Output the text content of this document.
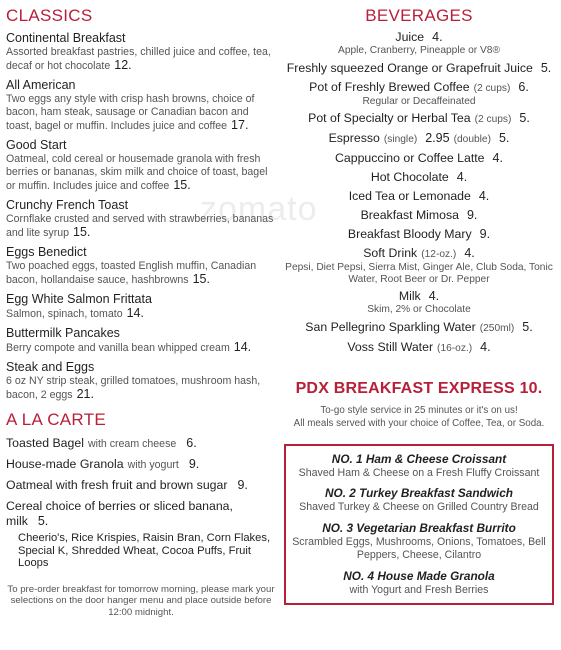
zomato
CLASSICS
Continental Breakfast
Assorted breakfast pastries, chilled juice and coffee, tea, decaf or hot chocolate 12.
All American
Two eggs any style with crisp hash browns, choice of bacon, ham steak, sausage or Canadian bacon and toast, bagel or muffin. Includes juice and coffee 17.
Good Start
Oatmeal, cold cereal or housemade granola with fresh berries or bananas, skim milk and choice of toast, bagel or muffin. Includes juice and coffee 15.
Crunchy French Toast
Cornflake crusted and served with strawberries, bananas and lite syrup 15.
Eggs Benedict
Two poached eggs, toasted English muffin, Canadian bacon, hollandaise sauce, hashbrowns 15.
Egg White Salmon Frittata
Salmon, spinach, tomato 14.
Buttermilk Pancakes
Berry compote and vanilla bean whipped cream 14.
Steak and Eggs
6 oz NY strip steak, grilled tomatoes, mushroom hash, bacon, 2 eggs 21.
A LA CARTE
Toasted Bagel with cream cheese 6.
House-made Granola with yogurt 9.
Oatmeal with fresh fruit and brown sugar 9.
Cereal choice of berries or sliced banana, milk 5.
Cheerio's, Rice Krispies, Raisin Bran, Corn Flakes, Special K, Shredded Wheat, Cocoa Puffs, Fruit Loops
To pre-order breakfast for tomorrow morning, please mark your selections on the door hanger menu and place outside before 12:00 midnight.
BEVERAGES
Juice 4.
Apple, Cranberry, Pineapple or V8®
Freshly squeezed Orange or Grapefruit Juice 5.
Pot of Freshly Brewed Coffee (2 cups) 6.
Regular or Decaffeinated
Pot of Specialty or Herbal Tea (2 cups) 5.
Espresso (single) 2.95 (double) 5.
Cappuccino or Coffee Latte 4.
Hot Chocolate 4.
Iced Tea or Lemonade 4.
Breakfast Mimosa 9.
Breakfast Bloody Mary 9.
Soft Drink (12-oz.) 4.
Pepsi, Diet Pepsi, Sierra Mist, Ginger Ale, Club Soda, Tonic Water, Root Beer or Dr. Pepper
Milk 4.
Skim, 2% or Chocolate
San Pellegrino Sparkling Water (250ml) 5.
Voss Still Water (16-oz.) 4.
PDX BREAKFAST EXPRESS 10.
To-go style service in 25 minutes or it's on us!
All meals served with your choice of Coffee, Tea, or Soda.
NO. 1 Ham & Cheese Croissant
Shaved Ham & Cheese on a Fresh Fluffy Croissant
NO. 2 Turkey Breakfast Sandwich
Shaved Turkey & Cheese on Grilled Country Bread
NO. 3 Vegetarian Breakfast Burrito
Scrambled Eggs, Mushrooms, Onions, Tomatoes, Bell Peppers, Cheese, Cilantro
NO. 4 House Made Granola
with Yogurt and Fresh Berries
